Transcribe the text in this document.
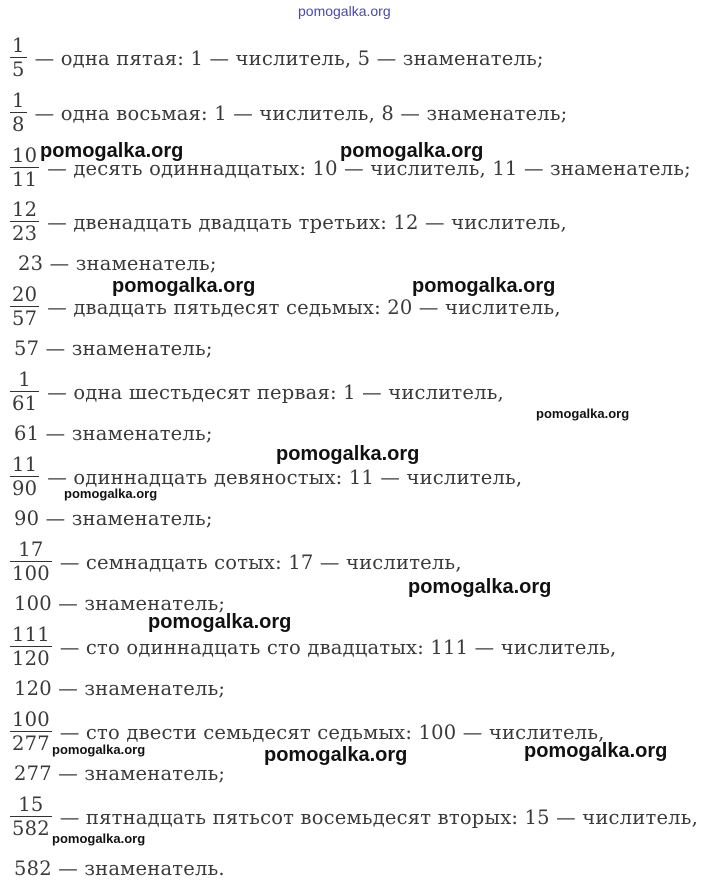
pomogalka.org
$\frac{1}{5}$ — одна пятая: 1 — числитель, 5 — знаменатель;
$\frac{1}{8}$ — одна восьмая: 1 — числитель, 8 — знаменатель;
$\frac{10}{11}$ — десять одиннадцатых: 10 — числитель, 11 — знаменатель;
$\frac{12}{23}$ — двенадцать двадцать третьих: 12 — числитель,
23 — знаменатель;
$\frac{20}{57}$ — двадцать пятьдесят седьмых: 20 — числитель,
57 — знаменатель;
$\frac{1}{61}$ — одна шестьдесят первая: 1 — числитель,
61 — знаменатель;
$\frac{11}{90}$ — одиннадцать девяностых: 11 — числитель,
90 — знаменатель;
$\frac{17}{100}$ — семнадцать сотых: 17 — числитель,
100 — знаменатель;
$\frac{111}{120}$ — сто одиннадцать сто двадцатых: 111 — числитель,
120 — знаменатель;
$\frac{100}{277}$ — сто двести семьдесят седьмых: 100 — числитель,
277 — знаменатель;
$\frac{15}{582}$ — пятнадцать пятьсот восемьдесят вторых: 15 — числитель,
582 — знаменатель.
pomogalka.org	pomogalka.org
pomogalka.org	pomogalka.org
pomogalka.org
pomogalka.org
pomogalka.org
pomogalka.org
pomogalka.org
pomogalka.org	pomogalka.org	pomogalka.org
pomogalka.org
